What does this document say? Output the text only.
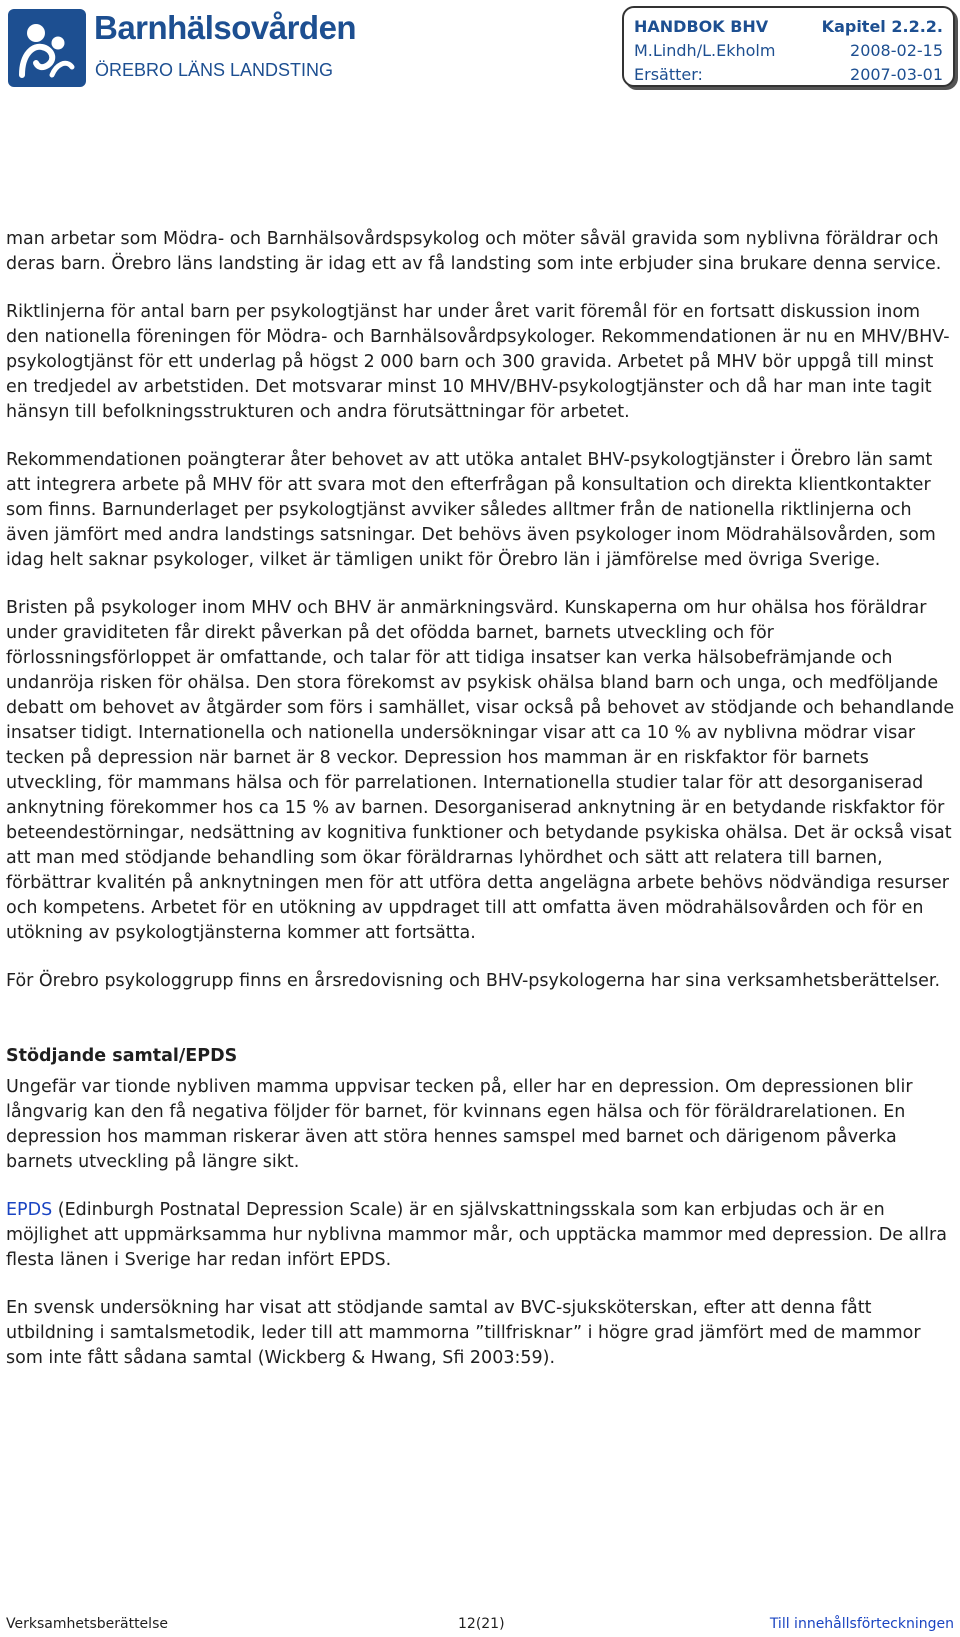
Barnhälsovården
ÖREBRO LÄNS LANDSTING
HANDBOK BHV	Kapitel 2.2.2.
M.Lindh/L.Ekholm	2008-02-15
Ersätter:	2007-03-01

man arbetar som Mödra- och Barnhälsovårdspsykolog och möter såväl gravida som nyblivna föräldrar och deras barn. Örebro läns landsting är idag ett av få landsting som inte erbjuder sina brukare denna service.

Riktlinjerna för antal barn per psykologtjänst har under året varit föremål för en fortsatt diskussion inom den nationella föreningen för Mödra- och Barnhälsovårdpsykologer. Rekommendationen är nu en MHV/BHV-psykologtjänst för ett underlag på högst 2 000 barn och 300 gravida. Arbetet på MHV bör uppgå till minst en tredjedel av arbetstiden. Det motsvarar minst 10 MHV/BHV-psykologtjänster och då har man inte tagit hänsyn till befolkningsstrukturen och andra förutsättningar för arbetet.

Rekommendationen poängterar åter behovet av att utöka antalet BHV-psykologtjänster i Örebro län samt att integrera arbete på MHV för att svara mot den efterfrågan på konsultation och direkta klientkontakter som finns. Barnunderlaget per psykologtjänst avviker således alltmer från de nationella riktlinjerna och även jämfört med andra landstings satsningar. Det behövs även psykologer inom Mödrahälsovården, som idag helt saknar psykologer, vilket är tämligen unikt för Örebro län i jämförelse med övriga Sverige.

Bristen på psykologer inom MHV och BHV är anmärkningsvärd. Kunskaperna om hur ohälsa hos föräldrar under graviditeten får direkt påverkan på det ofödda barnet, barnets utveckling och för förlossningsförloppet är omfattande, och talar för att tidiga insatser kan verka hälsobefrämjande och undanröja risken för ohälsa. Den stora förekomst av psykisk ohälsa bland barn och unga, och medföljande debatt om behovet av åtgärder som förs i samhället, visar också på behovet av stödjande och behandlande insatser tidigt. Internationella och nationella undersökningar visar att ca 10 % av nyblivna mödrar visar tecken på depression när barnet är 8 veckor. Depression hos mamman är en riskfaktor för barnets utveckling, för mammans hälsa och för parrelationen. Internationella studier talar för att desorganiserad anknytning förekommer hos ca 15 % av barnen. Desorganiserad anknytning är en betydande riskfaktor för beteendestörningar, nedsättning av kognitiva funktioner och betydande psykiska ohälsa. Det är också visat att man med stödjande behandling som ökar föräldrarnas lyhördhet och sätt att relatera till barnen, förbättrar kvalitén på anknytningen men för att utföra detta angelägna arbete behövs nödvändiga resurser och kompetens. Arbetet för en utökning av uppdraget till att omfatta även mödrahälsovården och för en utökning av psykologtjänsterna kommer att fortsätta.

För Örebro psykologgrupp finns en årsredovisning och BHV-psykologerna har sina verksamhetsberättelser.

Stödjande samtal/EPDS

Ungefär var tionde nybliven mamma uppvisar tecken på, eller har en depression. Om depressionen blir långvarig kan den få negativa följder för barnet, för kvinnans egen hälsa och för föräldrarelationen. En depression hos mamman riskerar även att störa hennes samspel med barnet och därigenom påverka barnets utveckling på längre sikt.

EPDS (Edinburgh Postnatal Depression Scale) är en självskattningsskala som kan erbjudas och är en möjlighet att uppmärksamma hur nyblivna mammor mår, och upptäcka mammor med depression. De allra flesta länen i Sverige har redan infört EPDS.

En svensk undersökning har visat att stödjande samtal av BVC-sjuksköterskan, efter att denna fått utbildning i samtalsmetodik, leder till att mammorna ”tillfrisknar” i högre grad jämfört med de mammor som inte fått sådana samtal (Wickberg & Hwang, Sfi 2003:59).

Verksamhetsberättelse	12(21)	Till innehållsförteckningen
